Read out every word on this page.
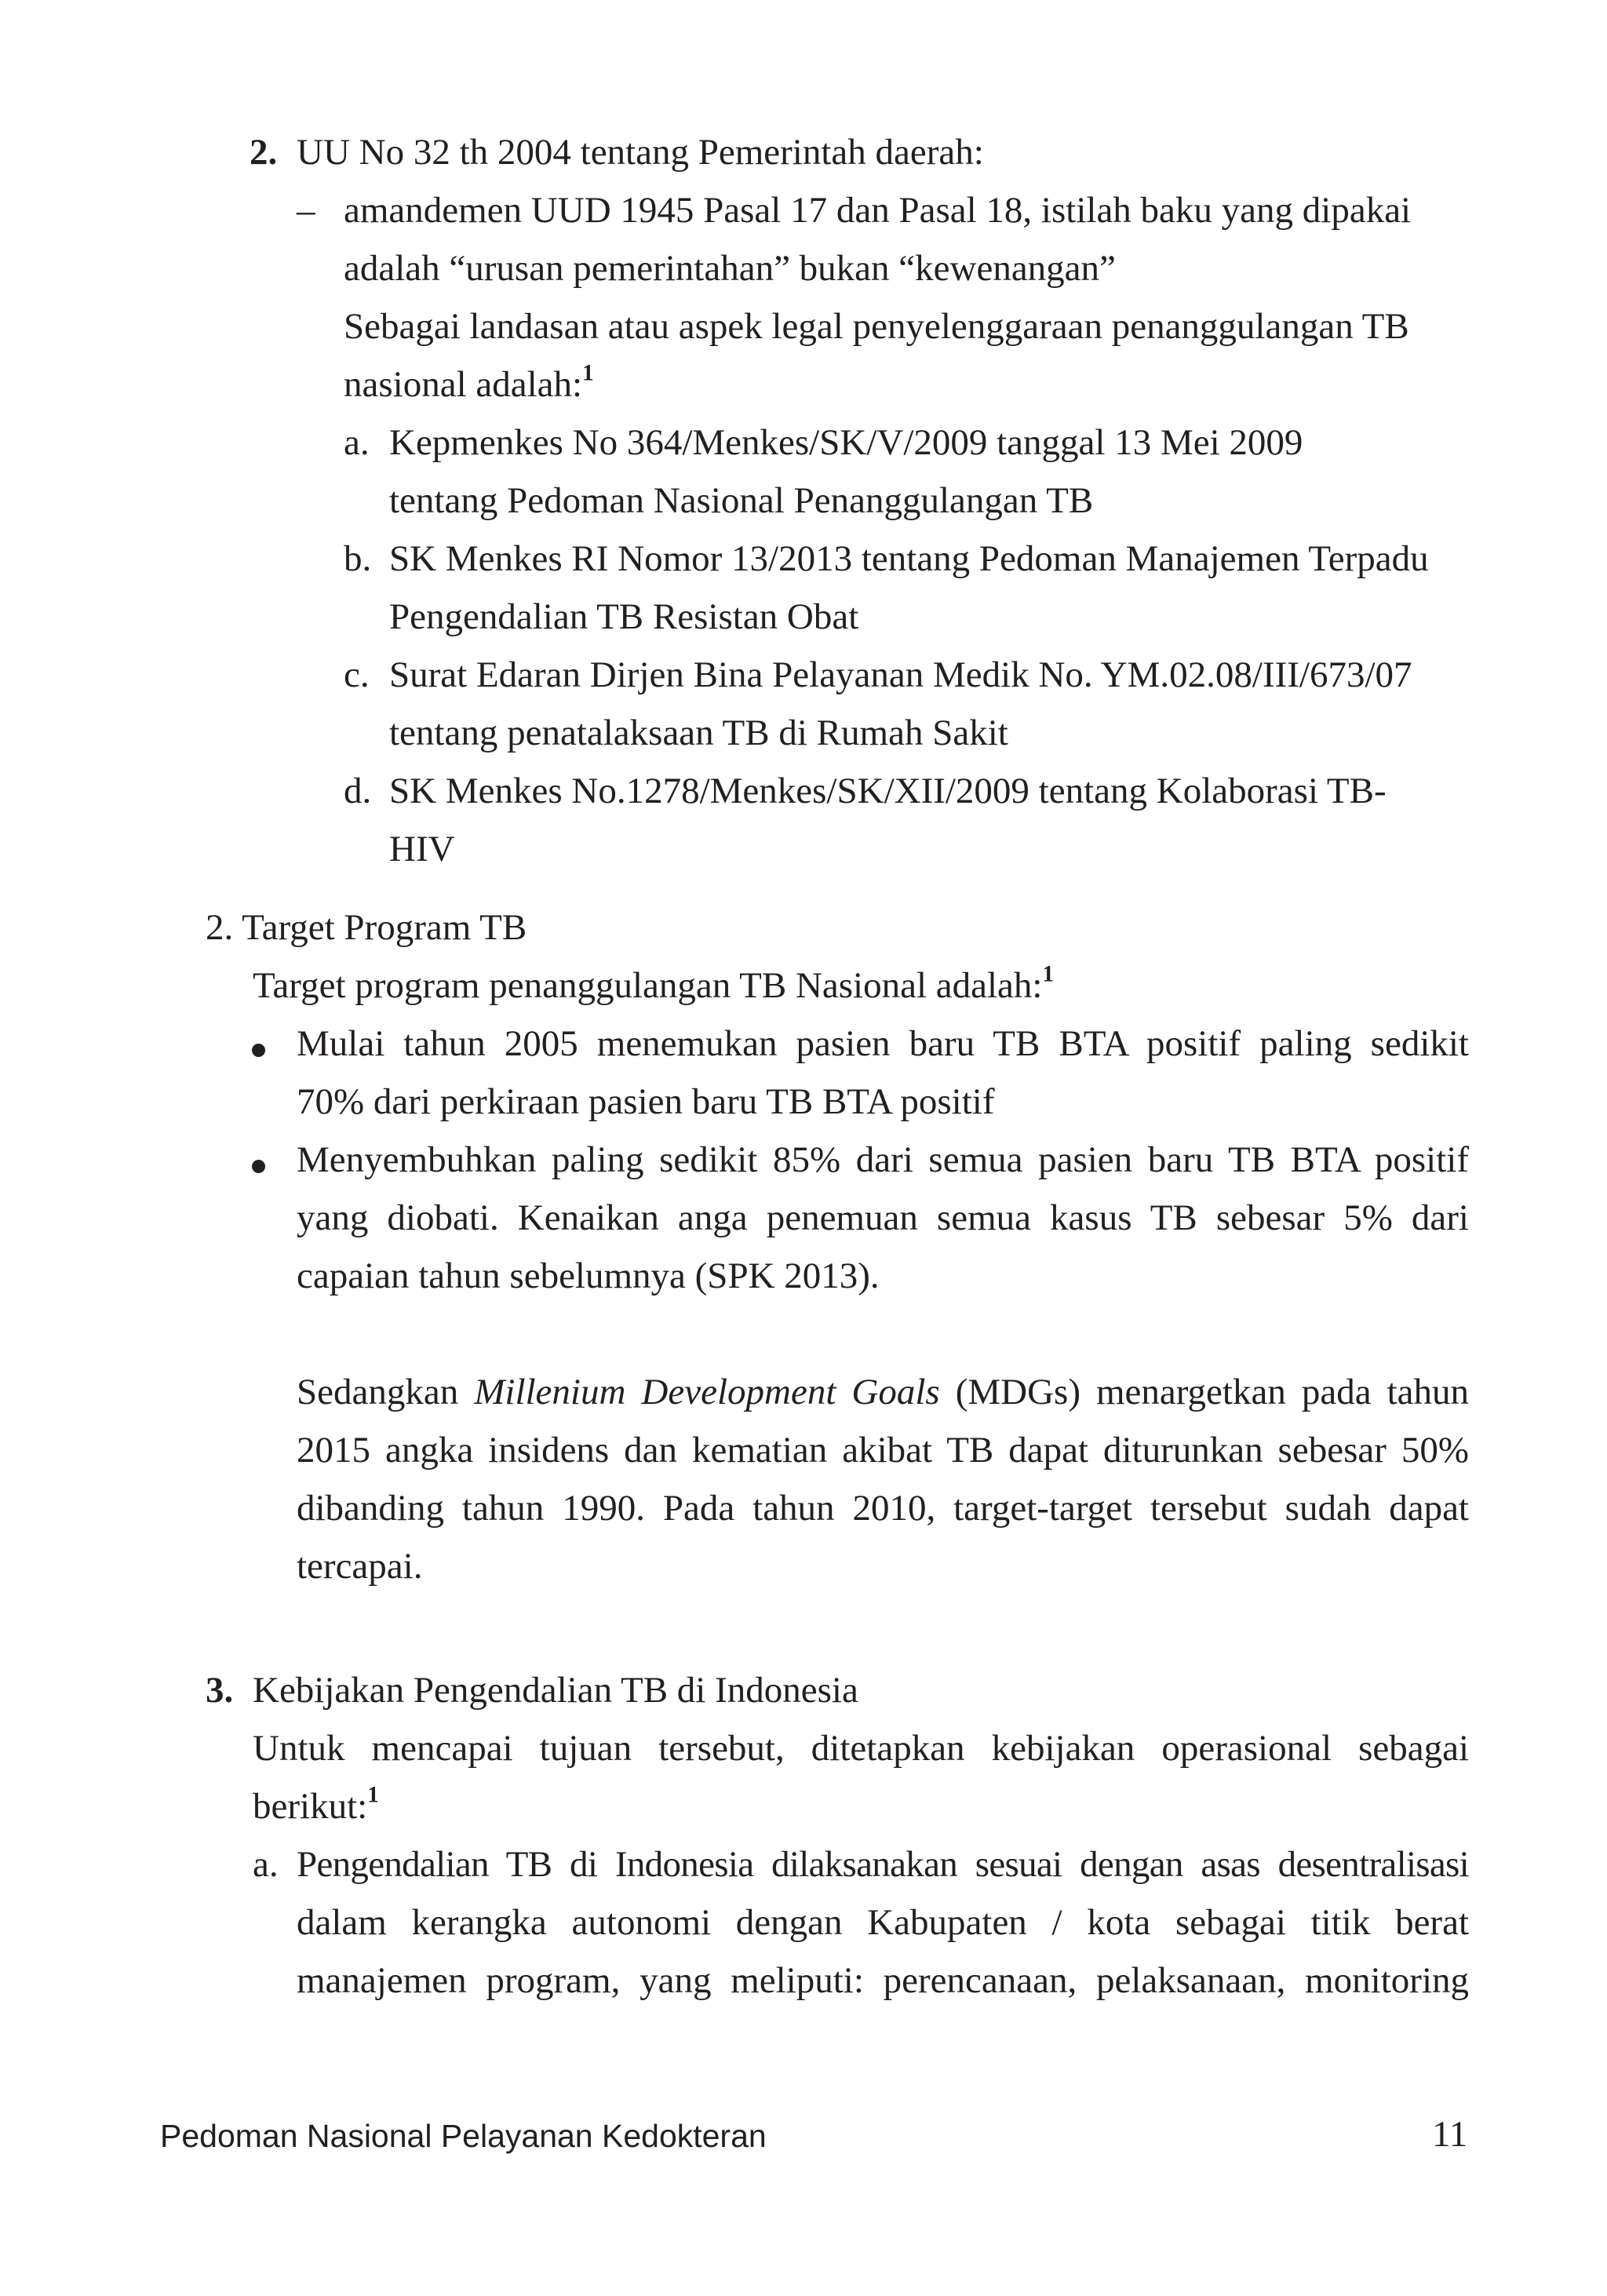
2. UU No 32 th 2004 tentang Pemerintah daerah:
– amandemen UUD 1945 Pasal 17 dan Pasal 18, istilah baku yang dipakai
adalah “urusan pemerintahan” bukan “kewenangan”
Sebagai landasan atau aspek legal penyelenggaraan penanggulangan TB
nasional adalah:$^1$
a. Kepmenkes No 364/Menkes/SK/V/2009 tanggal 13 Mei 2009
tentang Pedoman Nasional Penanggulangan TB
b. SK Menkes RI Nomor 13/2013 tentang Pedoman Manajemen Terpadu
Pengendalian TB Resistan Obat
c. Surat Edaran Dirjen Bina Pelayanan Medik No. YM.02.08/III/673/07
tentang penatalaksaan TB di Rumah Sakit
d. SK Menkes No.1278/Menkes/SK/XII/2009 tentang Kolaborasi TB-
HIV
2. Target Program TB
Target program penanggulangan TB Nasional adalah:$^1$
Mulai tahun 2005 menemukan pasien baru TB BTA positif paling sedikit
70% dari perkiraan pasien baru TB BTA positif
Menyembuhkan paling sedikit 85% dari semua pasien baru TB BTA positif
yang diobati. Kenaikan anga penemuan semua kasus TB sebesar 5% dari
capaian tahun sebelumnya (SPK 2013).
Sedangkan Millenium Development Goals (MDGs) menargetkan pada tahun
2015 angka insidens dan kematian akibat TB dapat diturunkan sebesar 50%
dibanding tahun 1990. Pada tahun 2010, target-target tersebut sudah dapat
tercapai.
3. Kebijakan Pengendalian TB di Indonesia
Untuk mencapai tujuan tersebut, ditetapkan kebijakan operasional sebagai
berikut:$^1$
a. Pengendalian TB di Indonesia dilaksanakan sesuai dengan asas desentralisasi
dalam kerangka autonomi dengan Kabupaten / kota sebagai titik berat
manajemen program, yang meliputi: perencanaan, pelaksanaan, monitoring
Pedoman Nasional Pelayanan Kedokteran	11
